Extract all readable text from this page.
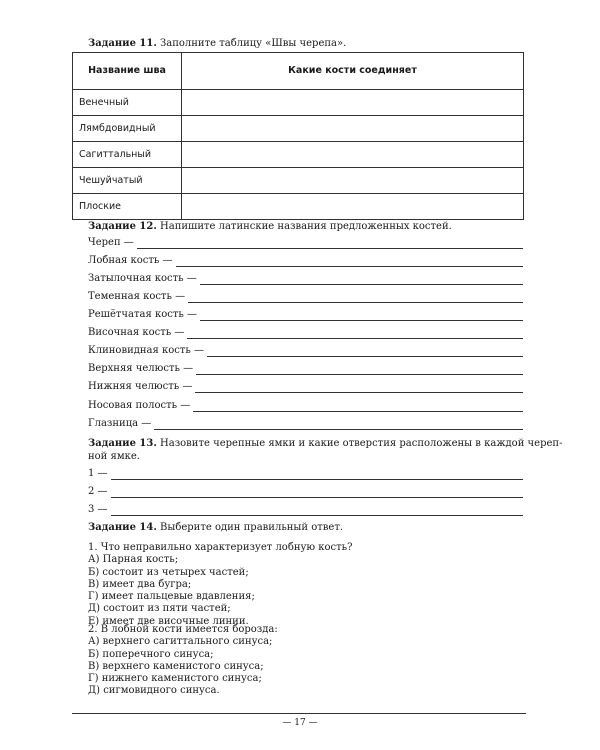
Задание 11. Заполните таблицу «Швы черепа».
Название шва	Какие кости соединяет
Венечный	
Лямбдовидный	
Сагиттальный	
Чешуйчатый	
Плоские	
Задание 12. Напишите латинские названия предложенных костей.
Череп —
Лобная кость —
Затылочная кость —
Теменная кость —
Решётчатая кость —
Височная кость —
Клиновидная кость —
Верхняя челюсть —
Нижняя челюсть —
Носовая полость —
Глазница —
Задание 13. Назовите черепные ямки и какие отверстия расположены в каждой череп-
ной ямке.
1 —
2 —
3 —
Задание 14. Выберите один правильный ответ.
1. Что неправильно характеризует лобную кость?
А) Парная кость;
Б) состоит из четырех частей;
В) имеет два бугра;
Г) имеет пальцевые вдавления;
Д) состоит из пяти частей;
Е) имеет две височные линии.
2. В лобной кости имеется борозда:
А) верхнего сагиттального синуса;
Б) поперечного синуса;
В) верхнего каменистого синуса;
Г) нижнего каменистого синуса;
Д) сигмовидного синуса.
— 17 —
